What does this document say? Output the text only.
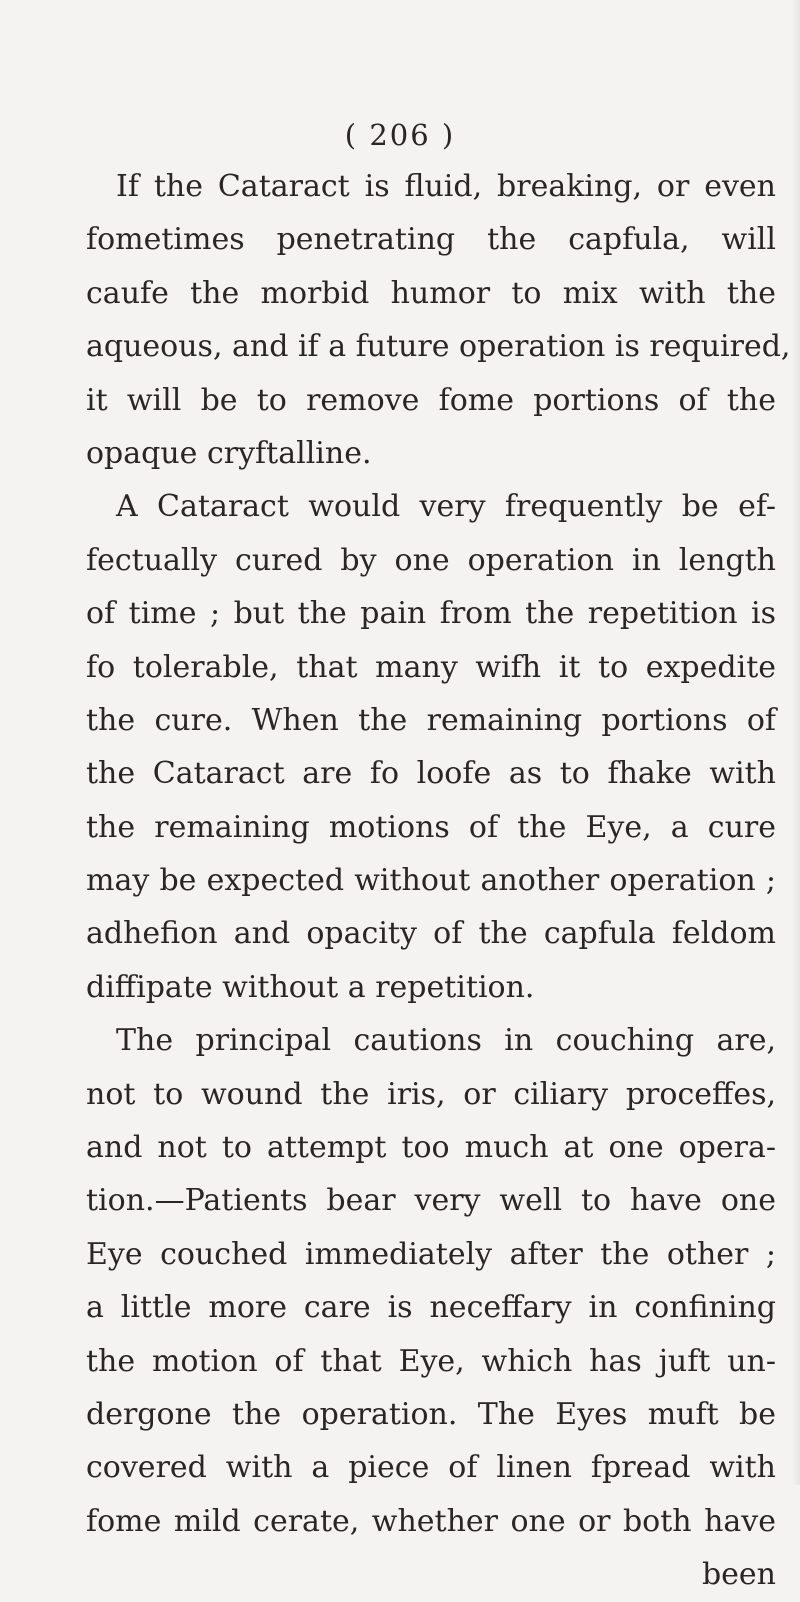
( 206 )
If the Cataract is fluid, breaking, or even
fometimes penetrating the capfula, will
caufe the morbid humor to mix with the
aqueous, and if a future operation is required,
it will be to remove fome portions of the
opaque cryftalline.
A Cataract would very frequently be ef-
fectually cured by one operation in length
of time ; but the pain from the repetition is
fo tolerable, that many wifh it to expedite
the cure. When the remaining portions of
the Cataract are fo loofe as to fhake with
the remaining motions of the Eye, a cure
may be expected without another operation ;
adhefion and opacity of the capfula feldom
diffipate without a repetition.
The principal cautions in couching are,
not to wound the iris, or ciliary proceffes,
and not to attempt too much at one opera-
tion.—Patients bear very well to have one
Eye couched immediately after the other ;
a little more care is neceffary in confining
the motion of that Eye, which has juft un-
dergone the operation. The Eyes muft be
covered with a piece of linen fpread with
fome mild cerate, whether one or both have
been
